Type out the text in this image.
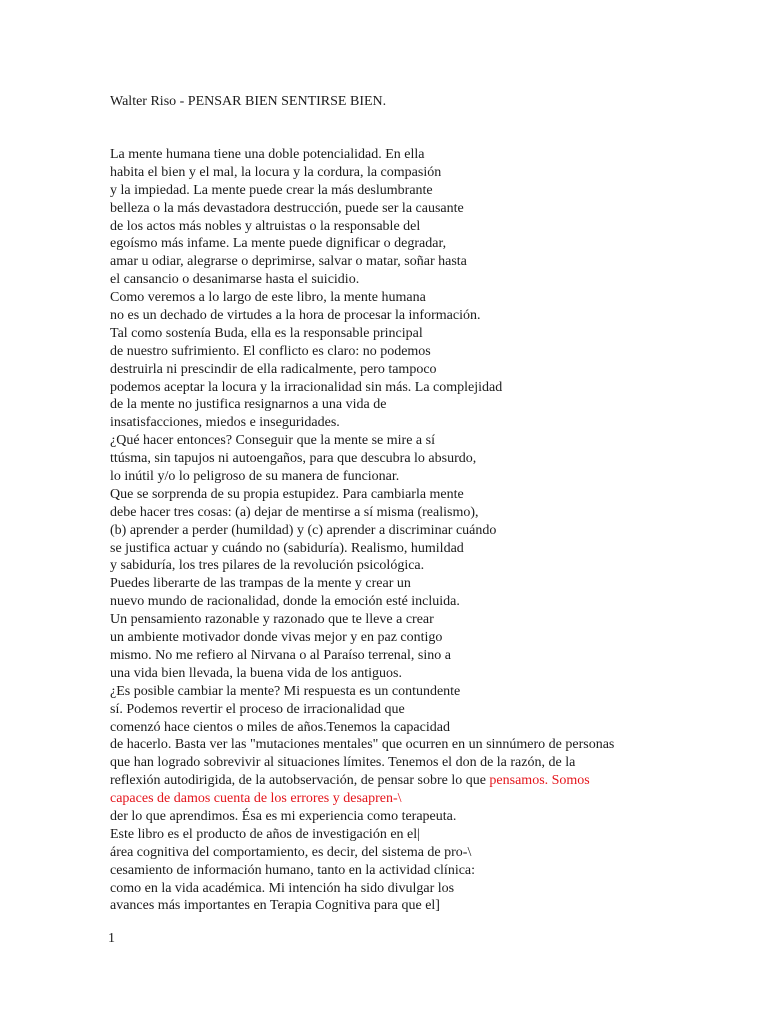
Walter Riso - PENSAR BIEN SENTIRSE BIEN.
La mente humana tiene una doble potencialidad. En ella
habita el bien y el mal, la locura y la cordura, la compasión
y la impiedad. La mente puede crear la más deslumbrante
belleza o la más devastadora destrucción, puede ser la causante
de los actos más nobles y altruistas o la responsable del
egoísmo más infame. La mente puede dignificar o degradar,
amar u odiar, alegrarse o deprimirse, salvar o matar, soñar hasta
el cansancio o desanimarse hasta el suicidio.
Como veremos a lo largo de este libro, la mente humana
no es un dechado de virtudes a la hora de procesar la información.
Tal como sostenía Buda, ella es la responsable principal
de nuestro sufrimiento. El conflicto es claro: no podemos
destruirla ni prescindir de ella radicalmente, pero tampoco
podemos aceptar la locura y la irracionalidad sin más. La complejidad
de la mente no justifica resignarnos a una vida de
insatisfacciones, miedos e inseguridades.
¿Qué hacer entonces? Conseguir que la mente se mire a sí
ttúsma, sin tapujos ni autoengaños, para que descubra lo absurdo,
lo inútil y/o lo peligroso de su manera de funcionar.
Que se sorprenda de su propia estupidez. Para cambiarla mente
debe hacer tres cosas: (a) dejar de mentirse a sí misma (realismo),
(b) aprender a perder (humildad) y (c) aprender a discriminar cuándo
se justifica actuar y cuándo no (sabiduría). Realismo, humildad
y sabiduría, los tres pilares de la revolución psicológica.
Puedes liberarte de las trampas de la mente y crear un
nuevo mundo de racionalidad, donde la emoción esté incluida.
Un pensamiento razonable y razonado que te lleve a crear
un ambiente motivador donde vivas mejor y en paz contigo
mismo. No me refiero al Nirvana o al Paraíso terrenal, sino a
una vida bien llevada, la buena vida de los antiguos.
¿Es posible cambiar la mente? Mi respuesta es un contundente
sí. Podemos revertir el proceso de irracionalidad que
comenzó hace cientos o miles de años.Tenemos la capacidad
de hacerlo. Basta ver las "mutaciones mentales" que ocurren en un sinnúmero de personas
que han logrado sobrevivir al situaciones límites. Tenemos el don de la razón, de la
reflexión autodirigida, de la autobservación, de pensar sobre lo que pensamos. Somos
capaces de damos cuenta de los errores y desapren-\
der lo que aprendimos. Ésa es mi experiencia como terapeuta.
Este libro es el producto de años de investigación en el|
área cognitiva del comportamiento, es decir, del sistema de pro-\
cesamiento de información humano, tanto en la actividad clínica:
como en la vida académica. Mi intención ha sido divulgar los
avances más importantes en Terapia Cognitiva para que el]
1
